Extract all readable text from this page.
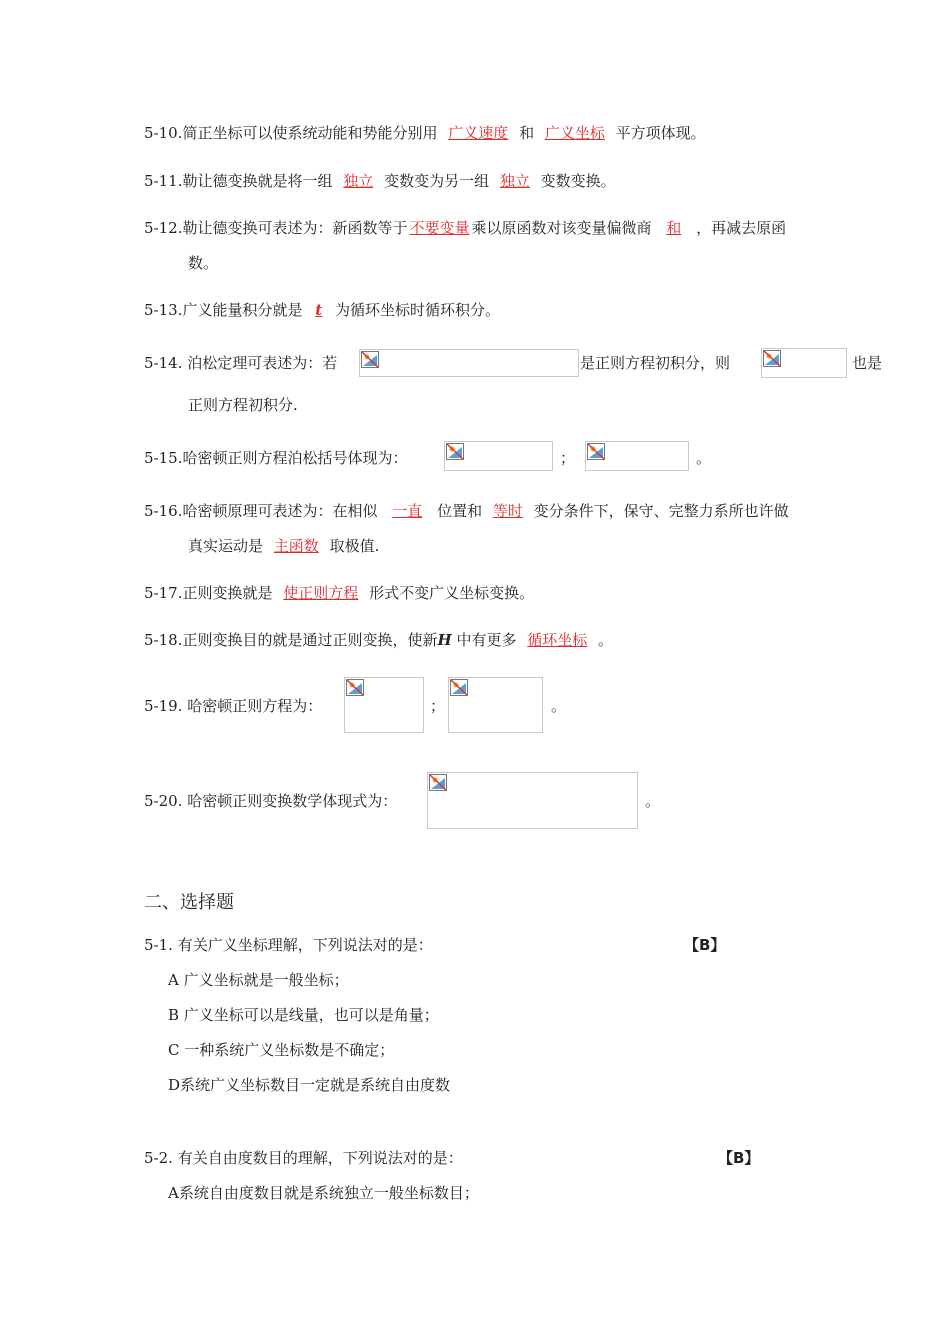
5-10.简正坐标可以使系统动能和势能分别用 广义速度 和 广义坐标 平方项体现。
5-11.勒让德变换就是将一组 独立 变数变为另一组 独立 变数变换。
5-12.勒让德变换可表述为：新函数等于 不要变量 乘以原函数对该变量偏微商 和 ，再减去原函
数。
5-13.广义能量积分就是 t 为循环坐标时循环积分。
5-14. 泊松定理可表述为：若	是正则方程初积分，则	也是
正则方程初积分.
5-15.哈密顿正则方程泊松括号体现为：	；	。
5-16.哈密顿原理可表述为：在相似 一直 位置和 等时 变分条件下，保守、完整力系所也许做
真实运动是 主函数 取极值.
5-17.正则变换就是 使正则方程 形式不变广义坐标变换。
5-18.正则变换目的就是通过正则变换，使新H 中有更多 循环坐标 。
5-19. 哈密顿正则方程为：	；	。
5-20. 哈密顿正则变换数学体现式为：	。
二、选择题
5-1. 有关广义坐标理解，下列说法对的是：	【B】
A 广义坐标就是一般坐标；
B 广义坐标可以是线量，也可以是角量；
C 一种系统广义坐标数是不确定；
D系统广义坐标数目一定就是系统自由度数
5-2. 有关自由度数目的理解，下列说法对的是：	【B】
A系统自由度数目就是系统独立一般坐标数目；
